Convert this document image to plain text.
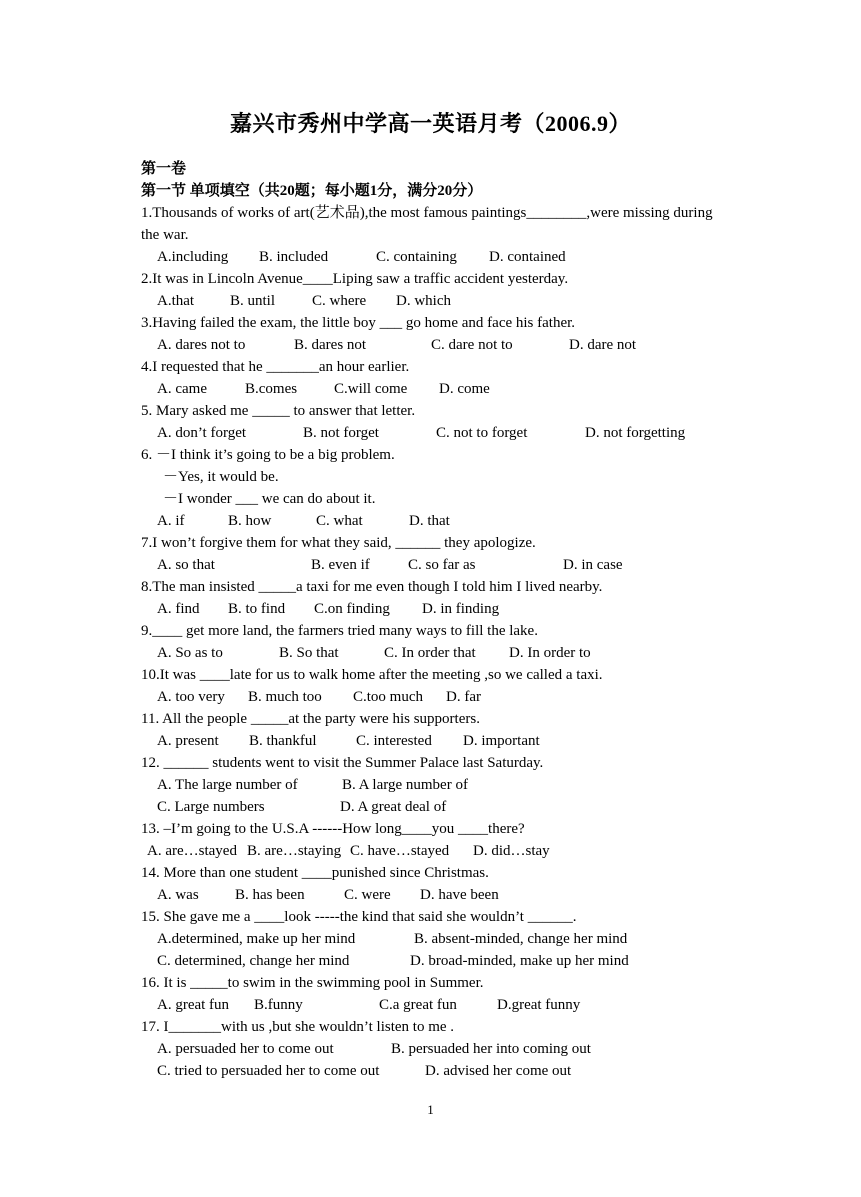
嘉兴市秀州中学高一英语月考（2006.9）
第一卷
第一节 单项填空（共20题；每小题1分，满分20分）
1.Thousands of works of art(艺术品),the most famous paintings________,were missing during the war.
A.including B. included	C. containing D. contained
2.It was in Lincoln Avenue____Liping saw a traffic accident yesterday.
A.that B. until C. where D. which
3.Having failed the exam, the little boy ___ go home and face his father.
A. dares not to	B. dares not	C. dare not to	D. dare not
4.I requested that he _______an hour earlier.
A. came	B.comes C.will come D. come
5. Mary asked me _____ to answer that letter.
A. don’t forget	B. not forget	C. not to forget	D. not forgetting
6. －I think it’s going to be a big problem.
－Yes, it would be.
－I wonder ___ we can do about it.
A. if	B. how	C. what	D. that
7.I won’t forgive them for what they said, ______ they apologize.
A. so that	B. even if	C. so far as	D. in case
8.The man insisted _____a taxi for me even though I told him I lived nearby.
A. find B. to find C.on finding D. in finding
9.____ get more land, the farmers tried many ways to fill the lake.
A. So as to	B. So that	C. In order that D. In order to
10.It was ____late for us to walk home after the meeting ,so we called a taxi.
A. too very B. much too C.too much D. far
11. All the people _____at the party were his supporters.
A. present B. thankful	C. interested D. important
12. ______ students went to visit the Summer Palace last Saturday.
A. The large number of	B. A large number of
C. Large numbers	D. A great deal of
13. –I’m going to the U.S.A ------How long____you ____there?
A. are…stayed B. are…staying C. have…stayed D. did…stay
14. More than one student ____punished since Christmas.
A. was B. has been	C. were D. have been
15. She gave me a ____look -----the kind that said she wouldn’t ______.
A.determined, make up her mind	B. absent-minded, change her mind
C. determined, change her mind	D. broad-minded, make up her mind
16. It is _____to swim in the swimming pool in Summer.
A. great fun B.funny	C.a great fun	D.great funny
17. I_______with us ,but she wouldn’t listen to me .
A. persuaded her to come out	B. persuaded her into coming out
C. tried to persuaded her to come out	D. advised her come out
1
